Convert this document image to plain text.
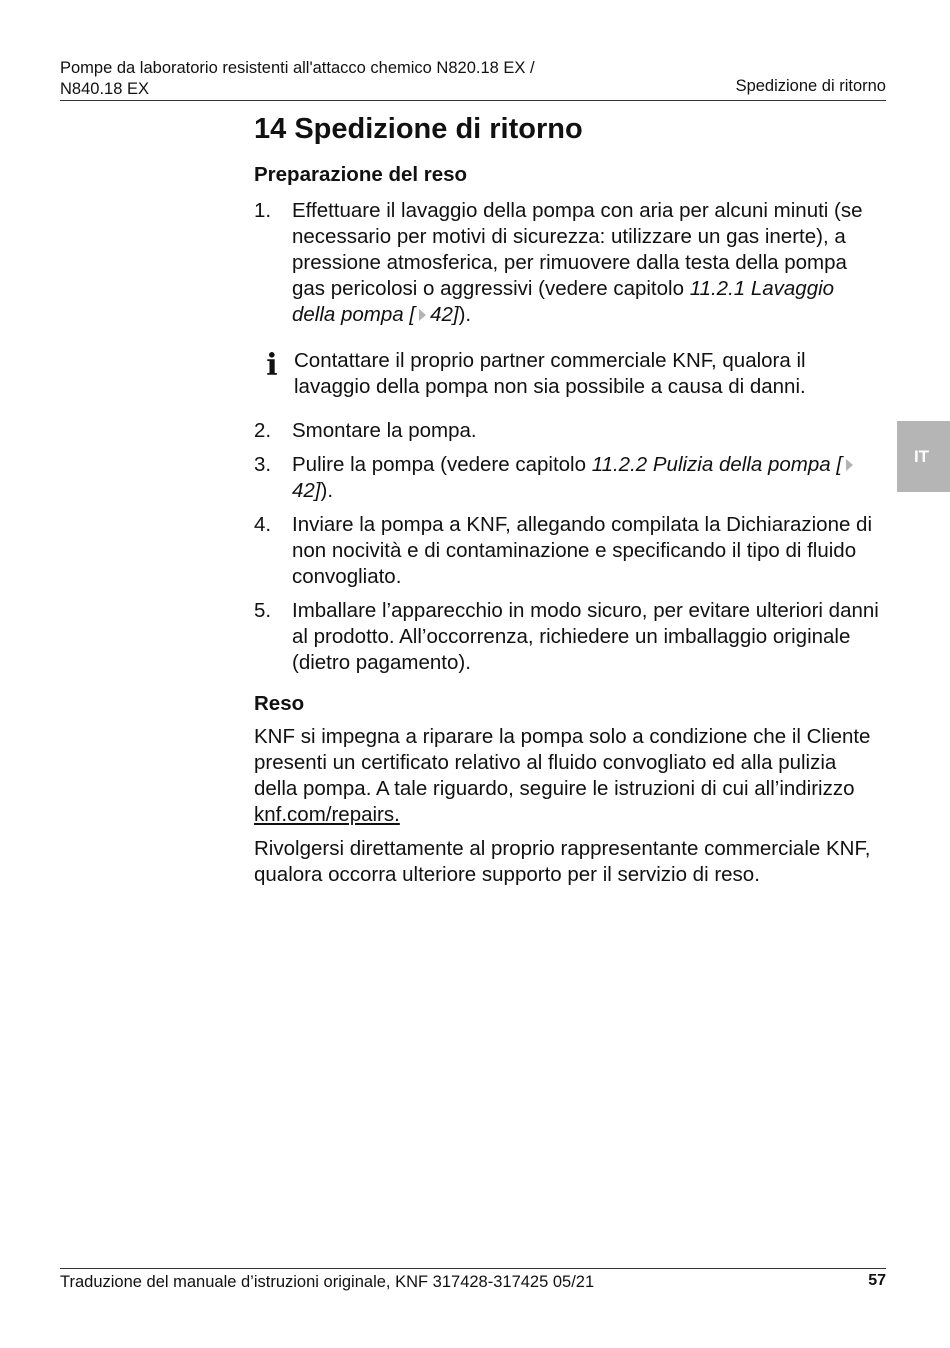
Pompe da laboratorio resistenti all'attacco chemico N820.18 EX /
N840.18 EX	Spedizione di ritorno
14 Spedizione di ritorno
Preparazione del reso
1. Effettuare il lavaggio della pompa con aria per alcuni minuti (se necessario per motivi di sicurezza: utilizzare un gas inerte), a pressione atmosferica, per rimuovere dalla testa della pompa gas pericolosi o aggressivi (vedere capitolo 11.2.1 Lavaggio della pompa [ 42]).
i Contattare il proprio partner commerciale KNF, qualora il lavaggio della pompa non sia possibile a causa di danni.
2. Smontare la pompa.
3. Pulire la pompa (vedere capitolo 11.2.2 Pulizia della pompa [42]).
4. Inviare la pompa a KNF, allegando compilata la Dichiarazione di non nocività e di contaminazione e specificando il tipo di fluido convogliato.
5. Imballare l’apparecchio in modo sicuro, per evitare ulteriori danni al prodotto. All’occorrenza, richiedere un imballaggio originale (dietro pagamento).
Reso

KNF si impegna a riparare la pompa solo a condizione che il Cliente presenti un certificato relativo al fluido convogliato ed alla pulizia della pompa. A tale riguardo, seguire le istruzioni di cui all’indirizzo knf.com/repairs.

Rivolgersi direttamente al proprio rappresentante commerciale KNF, qualora occorra ulteriore supporto per il servizio di reso.

IT
Traduzione del manuale d’istruzioni originale, KNF 317428-317425 05/21	57
